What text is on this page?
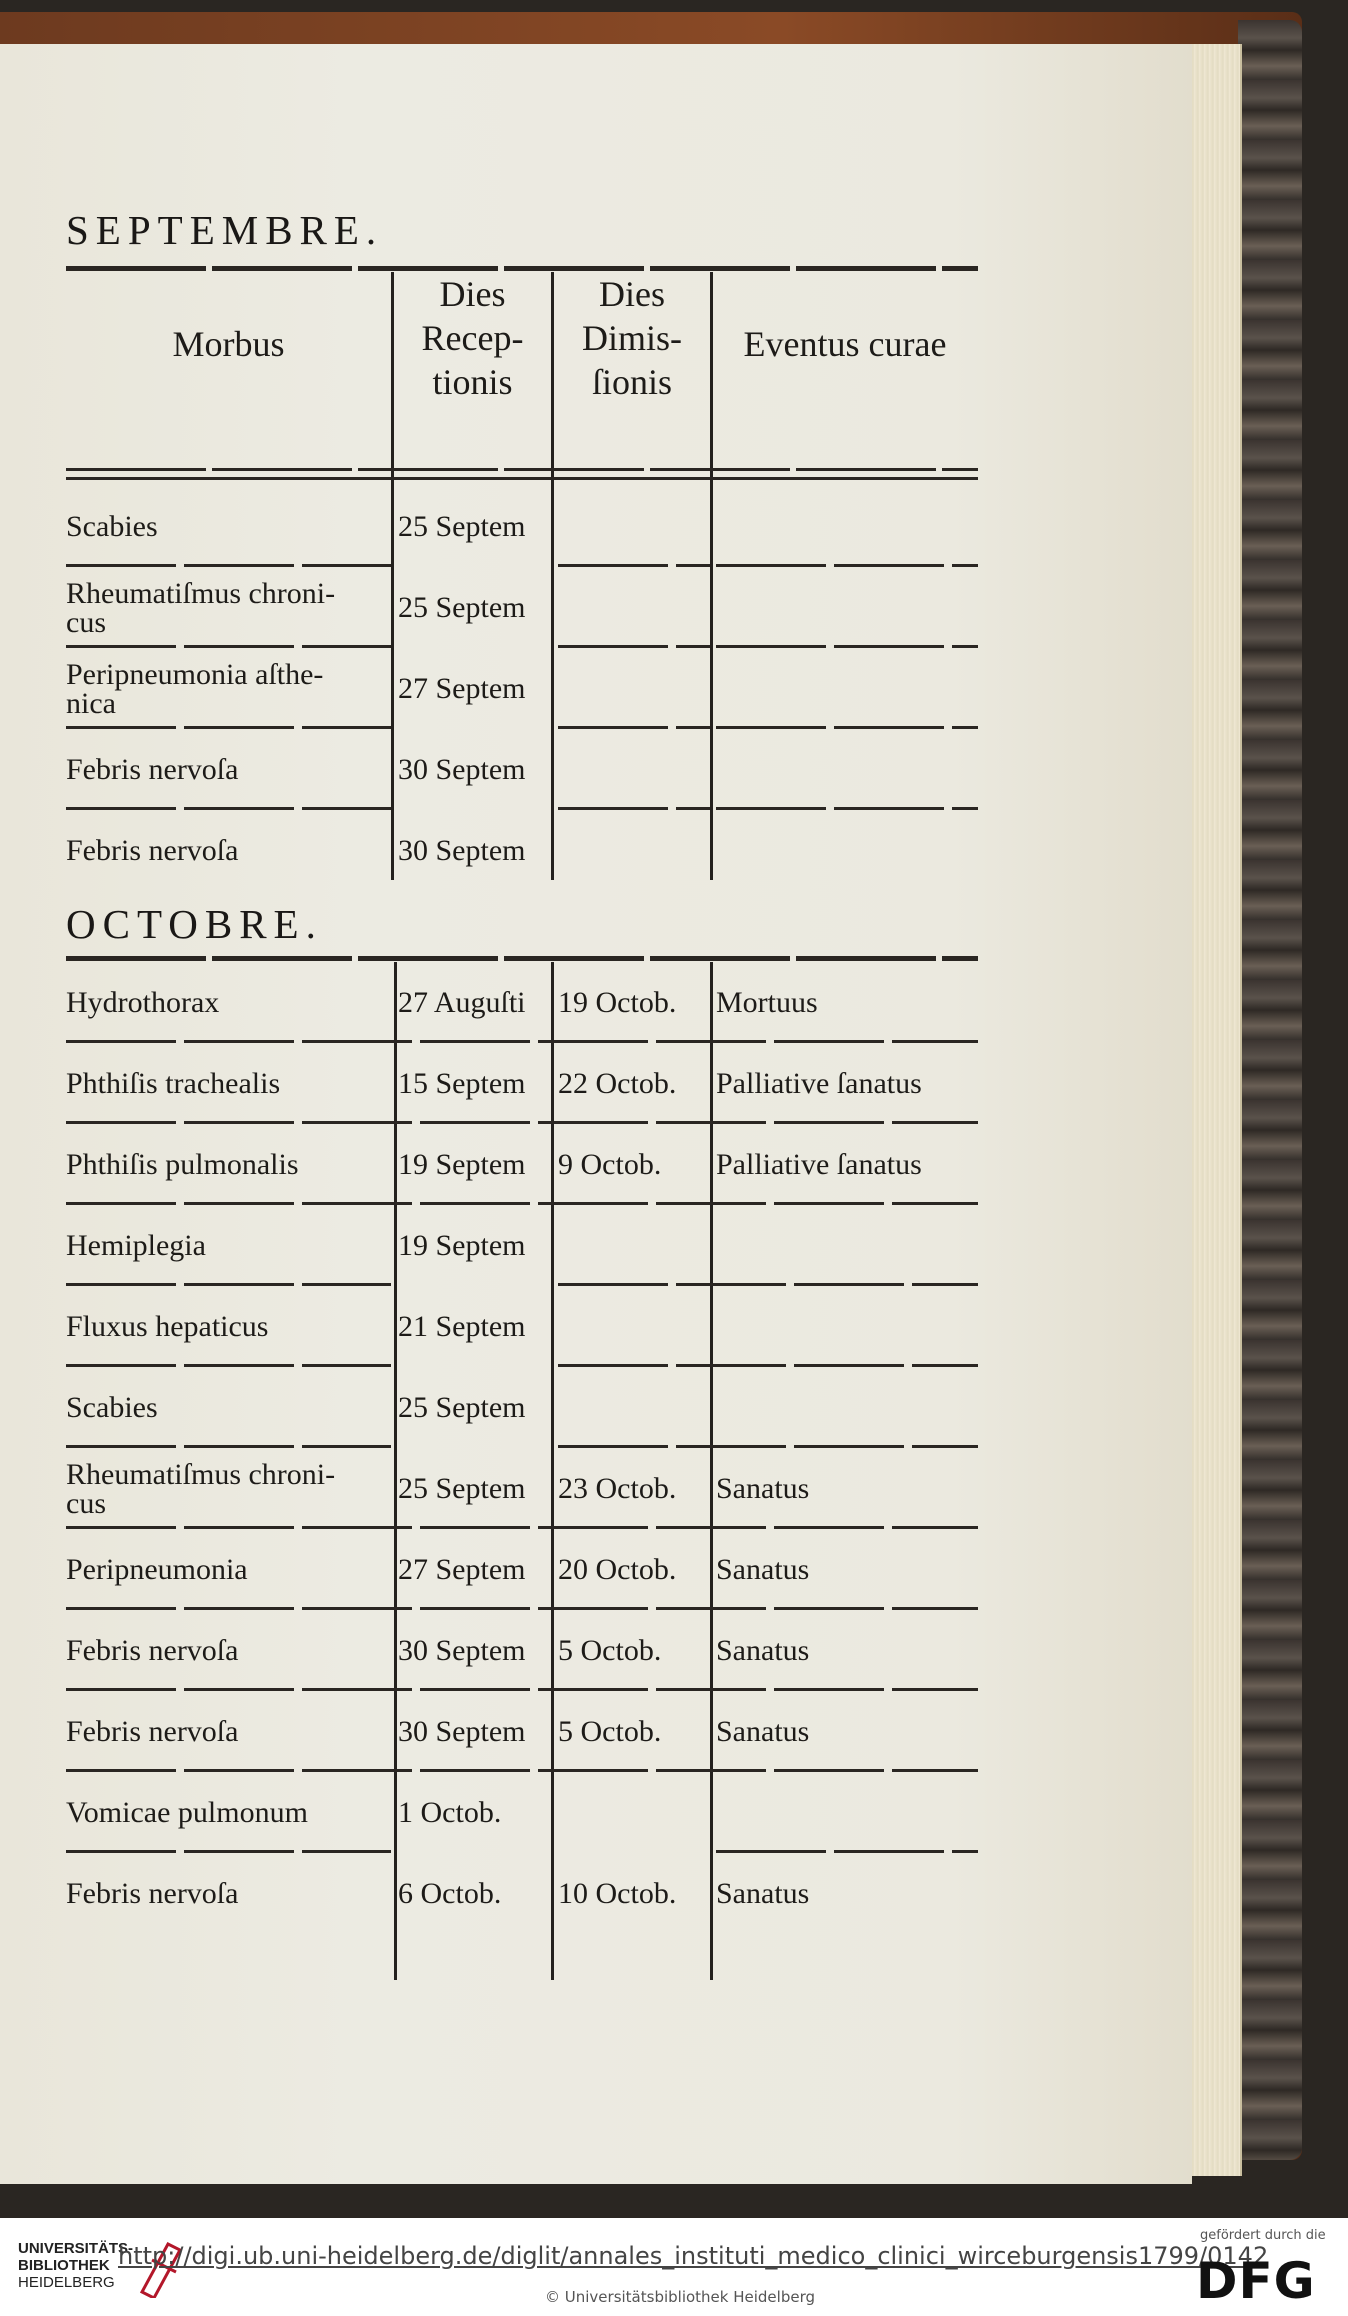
SEPTEMBRE.
Morbus
Dies
Recep-
tionis
Dies
Dimis-
ſionis
Eventus curae
Scabies	25 Septem
Rheumatiſmus chroni-
cus	25 Septem
Peripneumonia aſthe-
nica	27 Septem
Febris nervoſa	30 Septem
Febris nervoſa	30 Septem
OCTOBRE.
Hydrothorax	27 Auguſti	19 Octob.	Mortuus
Phthiſis trachealis	15 Septem	22 Octob.	Palliative ſanatus
Phthiſis pulmonalis	19 Septem	9 Octob.	Palliative ſanatus
Hemiplegia	19 Septem
Fluxus hepaticus	21 Septem
Scabies	25 Septem
Rheumatiſmus chroni-
cus	25 Septem	23 Octob.	Sanatus
Peripneumonia	27 Septem	20 Octob.	Sanatus
Febris nervoſa	30 Septem	5 Octob.	Sanatus
Febris nervoſa	30 Septem	5 Octob.	Sanatus
Vomicae pulmonum	1 Octob.
Febris nervoſa	6 Octob.	10 Octob.	Sanatus
UNIVERSITÄTS-
BIBLIOTHEK
HEIDELBERG
http://digi.ub.uni-heidelberg.de/diglit/annales_instituti_medico_clinici_wirceburgensis1799/0142
© Universitätsbibliothek Heidelberg
gefördert durch die
DFG
